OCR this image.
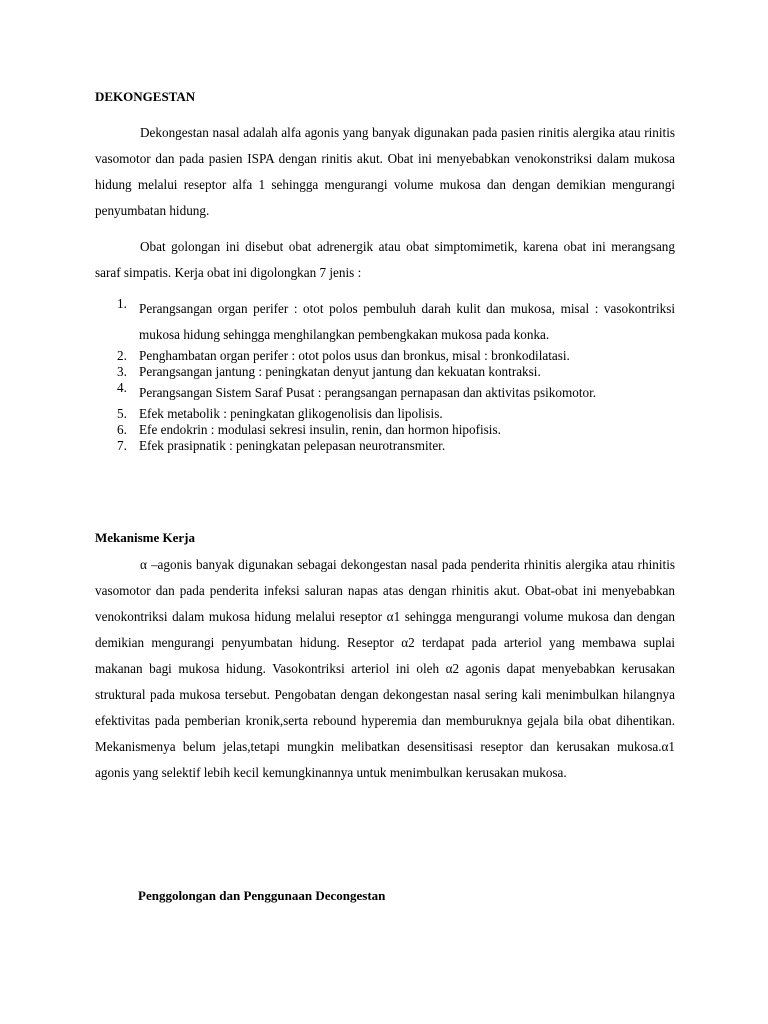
DEKONGESTAN

Dekongestan nasal adalah alfa agonis yang banyak digunakan pada pasien rinitis alergika atau rinitis vasomotor dan pada pasien ISPA dengan rinitis akut. Obat ini menyebabkan venokonstriksi dalam mukosa hidung melalui reseptor alfa 1 sehingga mengurangi volume mukosa dan dengan demikian mengurangi penyumbatan hidung.

Obat golongan ini disebut obat adrenergik atau obat simptomimetik, karena obat ini merangsang saraf simpatis. Kerja obat ini digolongkan 7 jenis :

1. Perangsangan organ perifer : otot polos pembuluh darah kulit dan mukosa, misal : vasokontriksi mukosa hidung sehingga menghilangkan pembengkakan mukosa pada konka.
2. Penghambatan organ perifer : otot polos usus dan bronkus, misal : bronkodilatasi.
3. Perangsangan jantung : peningkatan denyut jantung dan kekuatan kontraksi.
4. Perangsangan Sistem Saraf Pusat : perangsangan pernapasan dan aktivitas psikomotor.
5. Efek metabolik : peningkatan glikogenolisis dan lipolisis.
6. Efe endokrin : modulasi sekresi insulin, renin, dan hormon hipofisis.
7. Efek prasipnatik : peningkatan pelepasan neurotransmiter.
Mekanisme Kerja

α –agonis banyak digunakan sebagai dekongestan nasal pada penderita rhinitis alergika atau rhinitis vasomotor dan pada penderita infeksi saluran napas atas dengan rhinitis akut. Obat-obat ini menyebabkan venokontriksi dalam mukosa hidung melalui reseptor α1 sehingga mengurangi volume mukosa dan dengan demikian mengurangi penyumbatan hidung. Reseptor α2 terdapat pada arteriol yang membawa suplai makanan bagi mukosa hidung. Vasokontriksi arteriol ini oleh α2 agonis dapat menyebabkan kerusakan struktural pada mukosa tersebut. Pengobatan dengan dekongestan nasal sering kali menimbulkan hilangnya efektivitas pada pemberian kronik,serta rebound hyperemia dan memburuknya gejala bila obat dihentikan. Mekanismenya belum jelas,tetapi mungkin melibatkan desensitisasi reseptor dan kerusakan mukosa.α1 agonis yang selektif lebih kecil kemungkinannya untuk menimbulkan kerusakan mukosa.

Penggolongan dan Penggunaan Decongestan
